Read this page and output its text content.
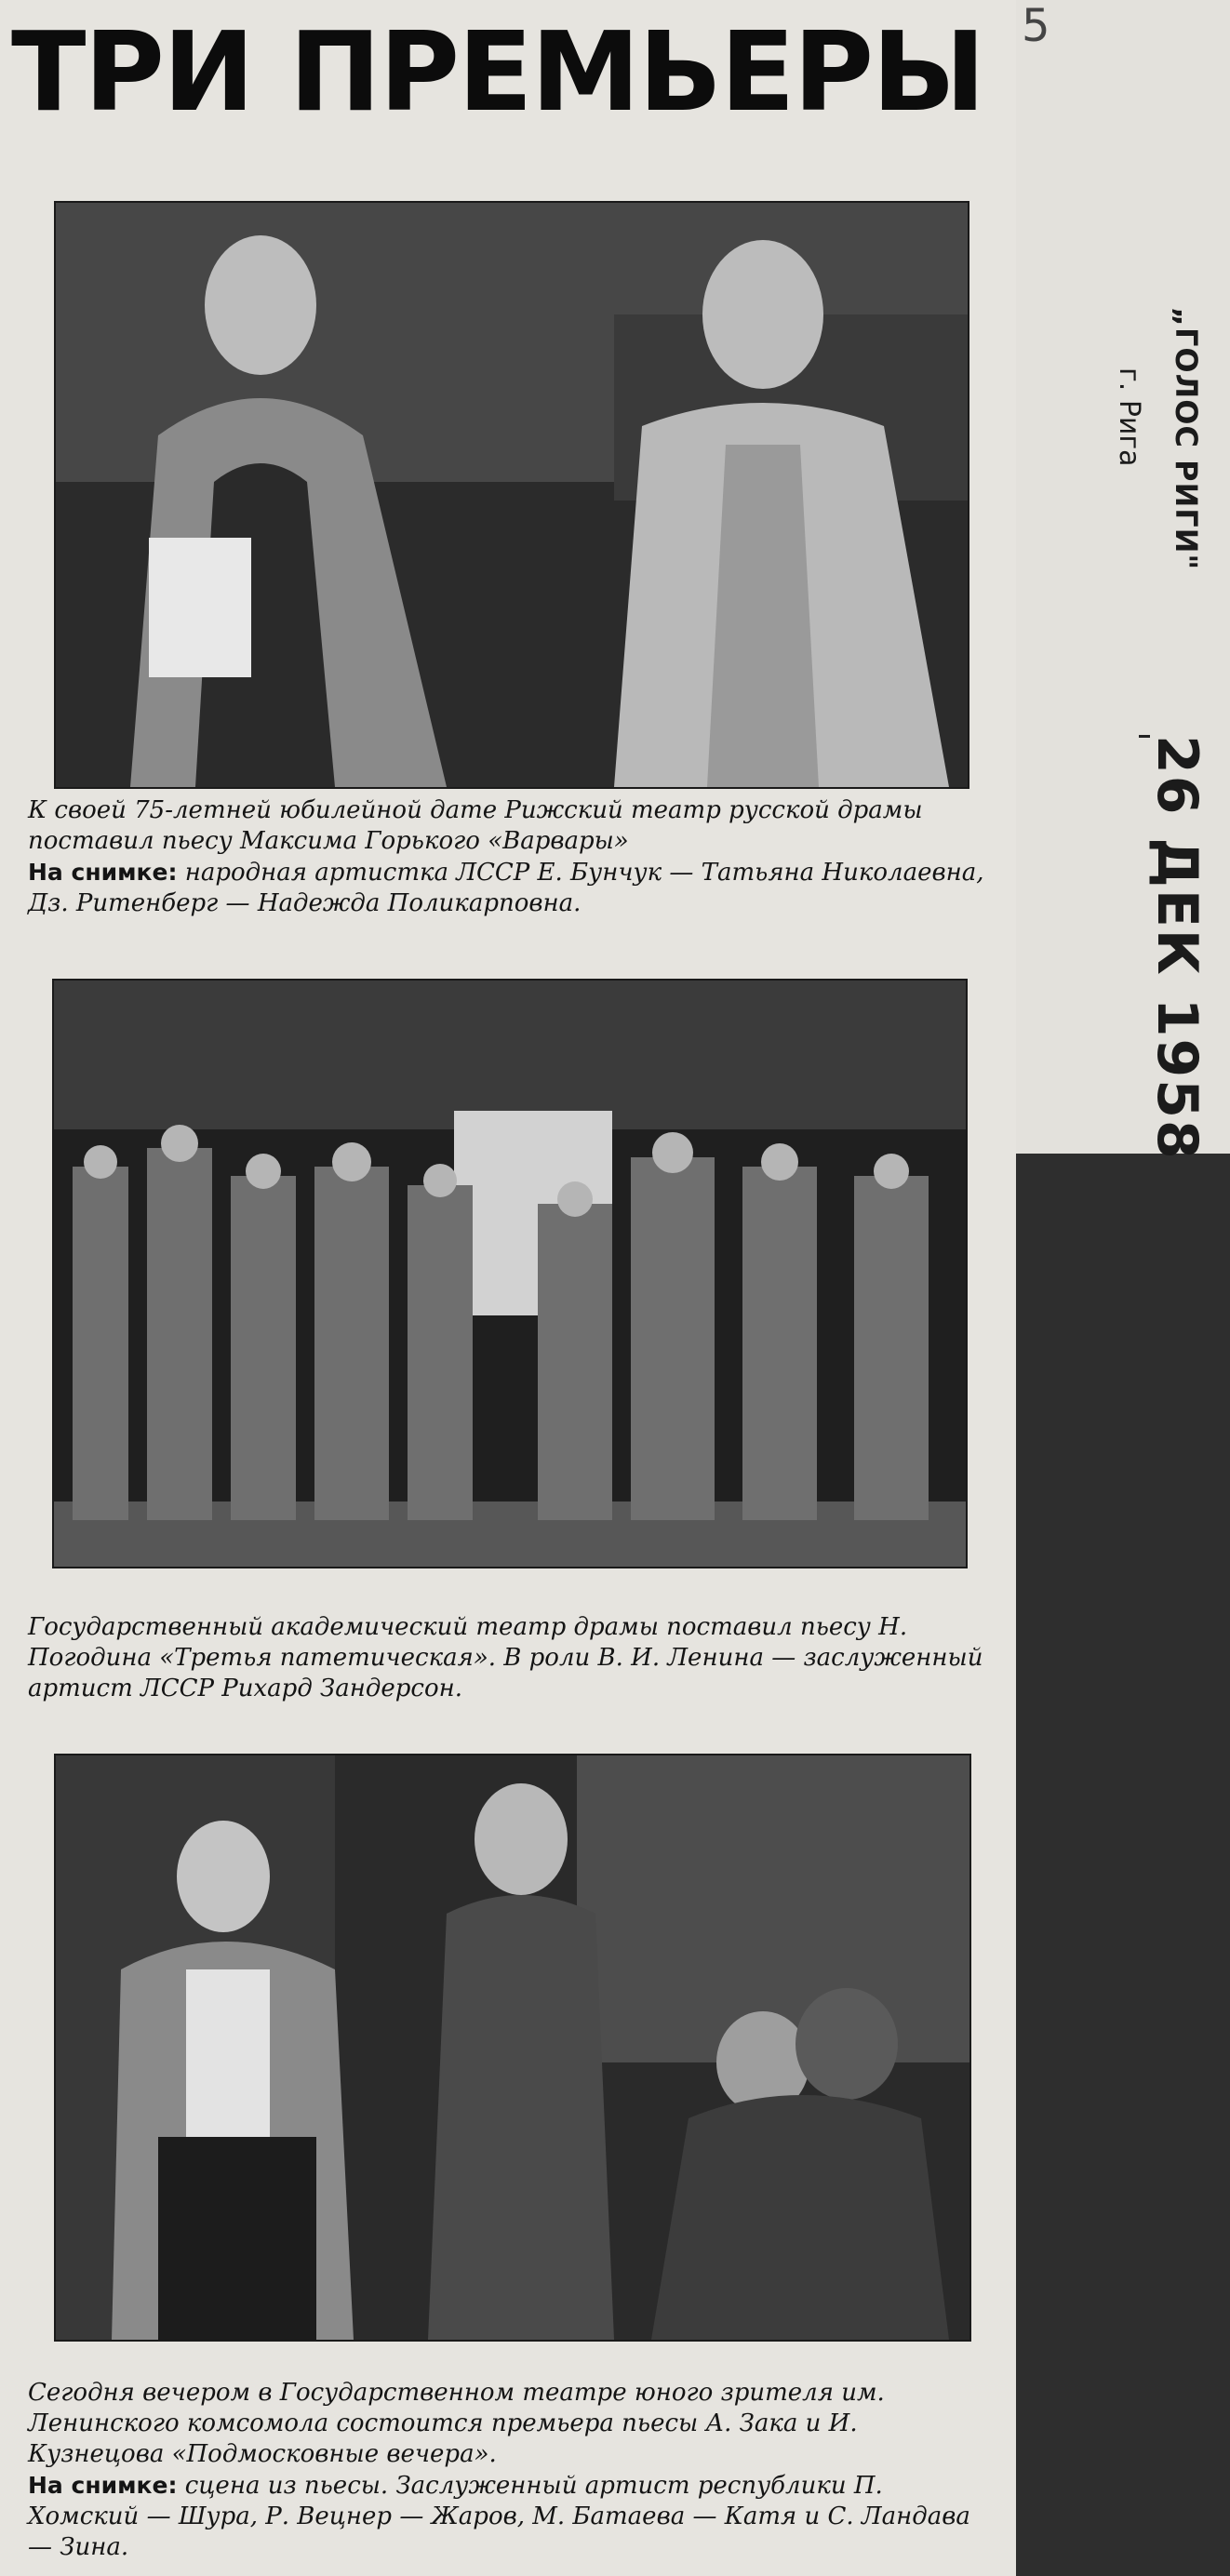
ТРИ ПРЕМЬЕРЫ

К своей 75-летней юбилейной дате Рижский театр русской драмы поставил пьесу Максима Горького «Варвары»
На снимке: народная артистка ЛССР Е. Бунчук — Татьяна Николаевна, Дз. Ритенберг — Надежда Поликарповна.

Государственный академический театр драмы поставил пьесу Н. Погодина «Третья патетическая». В роли В. И. Ленина — заслуженный артист ЛССР Рихард Зандерсон.

Сегодня вечером в Государственном театре юного зрителя им. Ленинского комсомола состоится премьера пьесы А. Зака и И. Кузнецова «Подмосковные вечера».
На снимке: сцена из пьесы. Заслуженный артист республики П. Хомский — Шура, Р. Вецнер — Жаров, М. Батаева — Катя и С. Ландава — Зина.

5
„ГОЛОС РИГИ"
г. Рига
26 ДЕК 1958
